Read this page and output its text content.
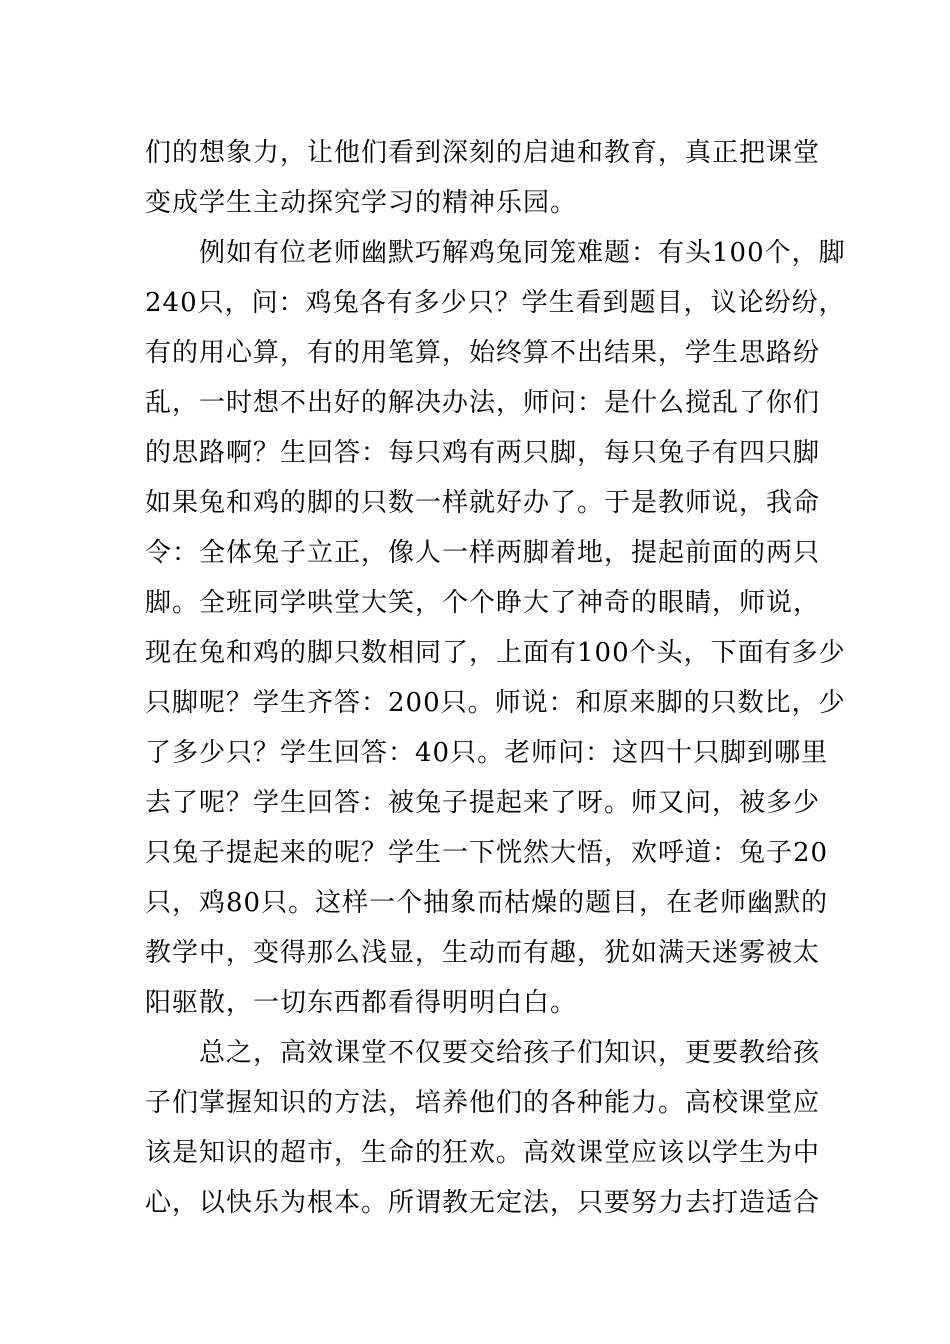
们的想象力，让他们看到深刻的启迪和教育，真正把课堂
变成学生主动探究学习的精神乐园。
例如有位老师幽默巧解鸡兔同笼难题：有头100个，脚
240只，问：鸡兔各有多少只？学生看到题目，议论纷纷，
有的用心算，有的用笔算，始终算不出结果，学生思路纷
乱，一时想不出好的解决办法，师问：是什么搅乱了你们
的思路啊？生回答：每只鸡有两只脚，每只兔子有四只脚
如果兔和鸡的脚的只数一样就好办了。于是教师说，我命
令：全体兔子立正，像人一样两脚着地，提起前面的两只
脚。全班同学哄堂大笑，个个睁大了神奇的眼睛，师说，
现在兔和鸡的脚只数相同了，上面有100个头，下面有多少
只脚呢？学生齐答：200只。师说：和原来脚的只数比，少
了多少只？学生回答：40只。老师问：这四十只脚到哪里
去了呢？学生回答：被兔子提起来了呀。师又问，被多少
只兔子提起来的呢？学生一下恍然大悟，欢呼道：兔子20
只，鸡80只。这样一个抽象而枯燥的题目，在老师幽默的
教学中，变得那么浅显，生动而有趣，犹如满天迷雾被太
阳驱散，一切东西都看得明明白白。
总之，高效课堂不仅要交给孩子们知识，更要教给孩
子们掌握知识的方法，培养他们的各种能力。高校课堂应
该是知识的超市，生命的狂欢。高效课堂应该以学生为中
心，以快乐为根本。所谓教无定法，只要努力去打造适合
